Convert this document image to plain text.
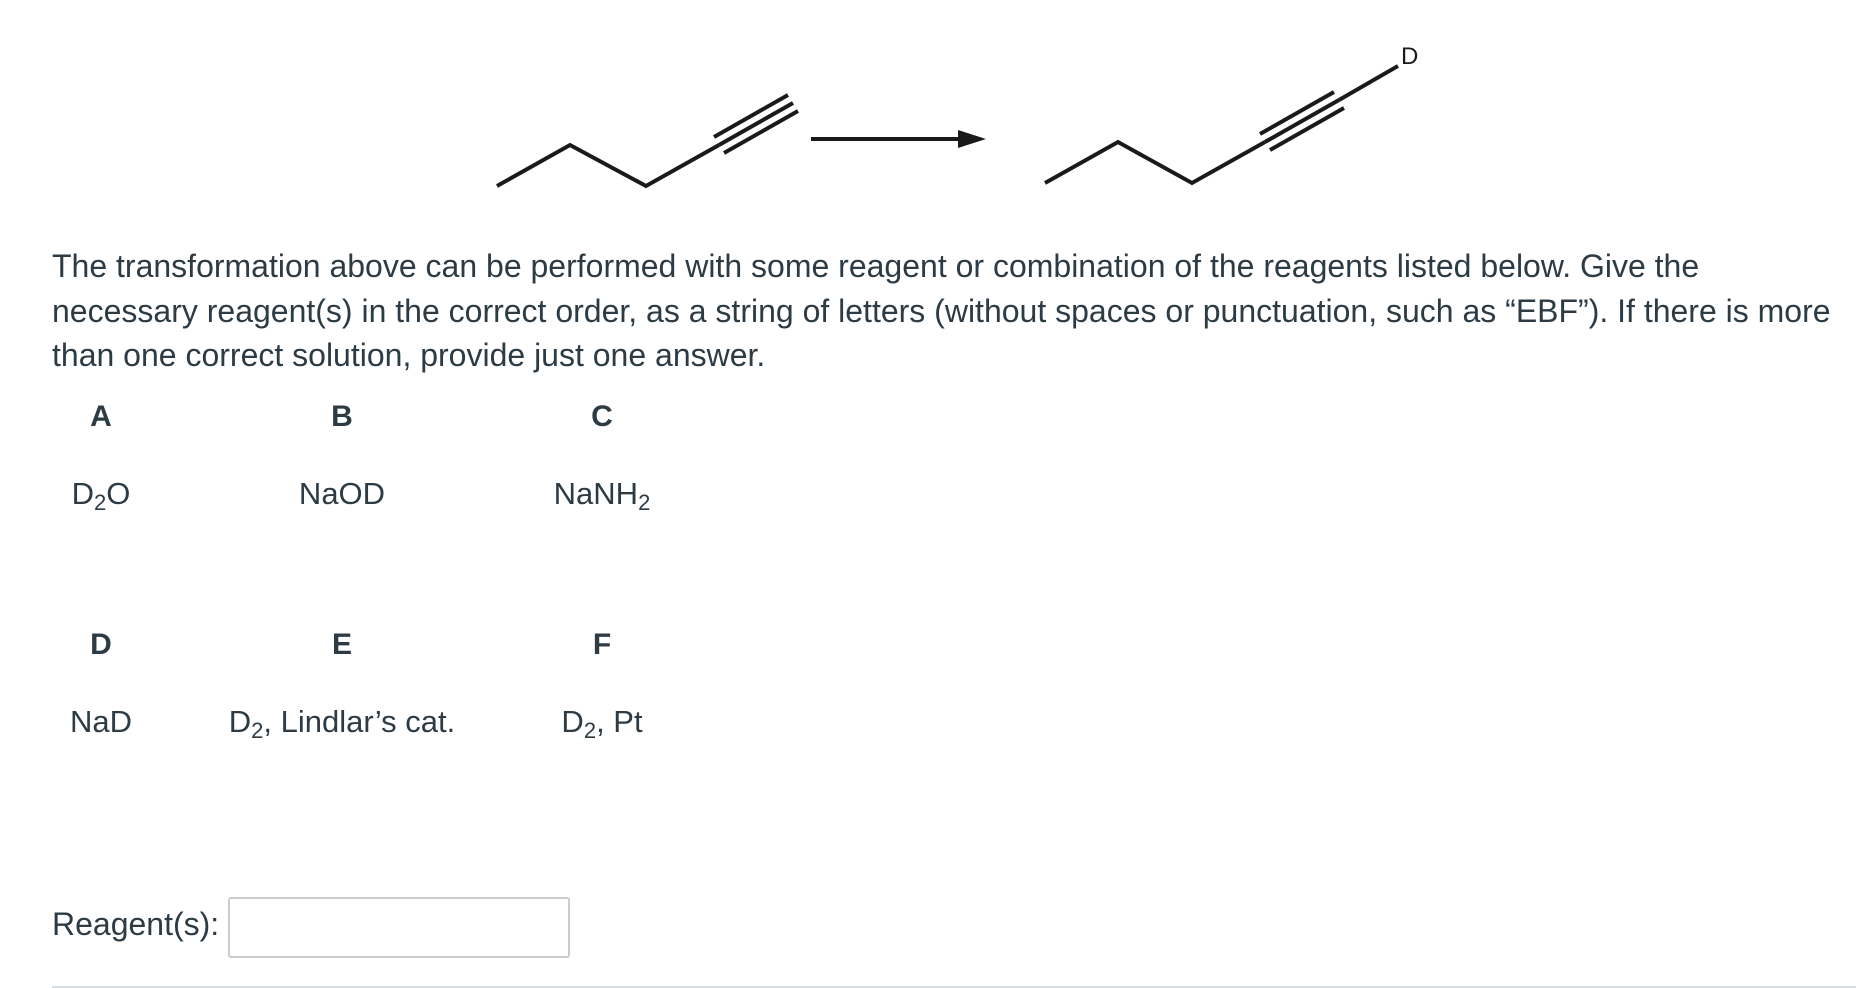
D

The transformation above can be performed with some reagent or combination of the reagents listed below. Give the necessary reagent(s) in the correct order, as a string of letters (without spaces or punctuation, such as “EBF”). If there is more than one correct solution, provide just one answer.

A	B	C
$D_2O$	NaOD	NaNH$_2$
D	E	F
NaD	$D_2$, Lindlar’s cat.	$D_2$, Pt
Reagent(s):
